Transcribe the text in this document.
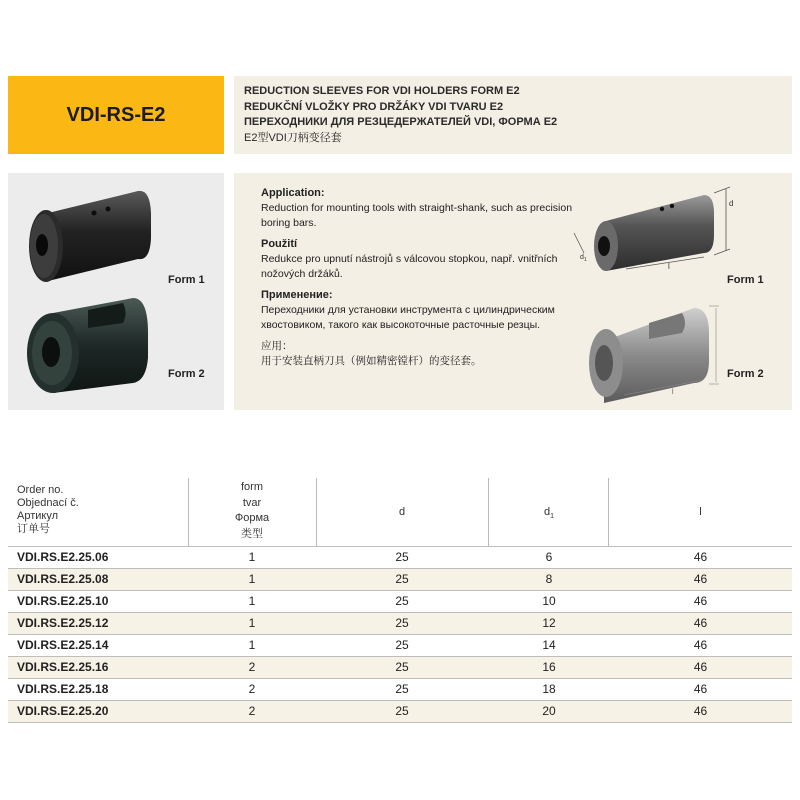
VDI-RS-E2
REDUCTION SLEEVES FOR VDI HOLDERS FORM E2
REDUKČNÍ VLOŽKY PRO DRŽÁKY VDI TVARU E2
ПЕРЕХОДНИКИ ДЛЯ РЕЗЦЕДЕРЖАТЕЛЕЙ VDI, ФОРМА E2
E2型VDI刀柄变径套
Form 1
Form 2
Application:
Reduction for mounting tools with straight-shank, such as precision boring bars.
Použití
Redukce pro upnutí nástrojů s válcovou stopkou, např. vnitřních nožových držáků.
Применение:
Переходники для установки инструмента с цилиндрическим хвостовиком, такого как высокоточные расточные резцы.
应用：
用于安装直柄刀具（例如精密镗杆）的变径套。
d
$d_1$
l
l
Form 1
Form 2
Order no.
Objednací č.
Артикул
订单号
form
tvar
Форма
类型
d	$d_1$	l
VDI.RS.E2.25.06	1	25	6	46
VDI.RS.E2.25.08	1	25	8	46
VDI.RS.E2.25.10	1	25	10	46
VDI.RS.E2.25.12	1	25	12	46
VDI.RS.E2.25.14	1	25	14	46
VDI.RS.E2.25.16	2	25	16	46
VDI.RS.E2.25.18	2	25	18	46
VDI.RS.E2.25.20	2	25	20	46
